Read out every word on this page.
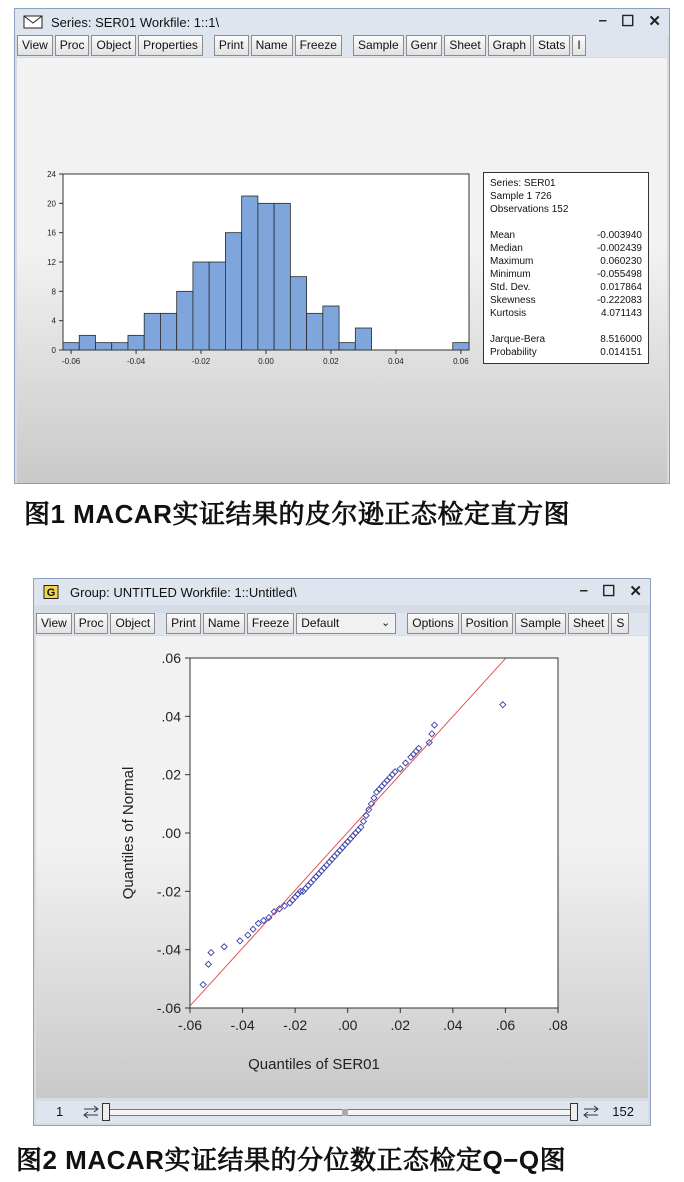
Series: SER01 Workfile: 1::1\	– ☐ ✕
View	Proc	Object	Properties	Print	Name	Freeze	Sample	Genr	Sheet	Graph	Stats	I
24
20
16
12
8
4
0
-0.06	-0.04	-0.02	0.00	0.02	0.04	0.06
Series: SER01
Sample 1 726
Observations 152
Mean	-0.003940
Median	-0.002439
Maximum	0.060230
Minimum	-0.055498
Std. Dev.	0.017864
Skewness	-0.222083
Kurtosis	4.071143
Jarque-Bera	8.516000
Probability	0.014151
图1 MACAR实证结果的皮尔逊正态检定直方图
G Group: UNTITLED Workfile: 1::Untitled\	– ☐ ✕
View	Proc	Object	Print	Name	Freeze	Default	⌄	Options	Position	Sample	Sheet	S
.06
.04
.02
.00
-.02
-.04
-.06
-.06 -.04 -.02 .00 .02 .04 .06 .08
Quantiles of SER01
Quantiles of Normal
1	152
图2 MACAR实证结果的分位数正态检定Q−Q图
